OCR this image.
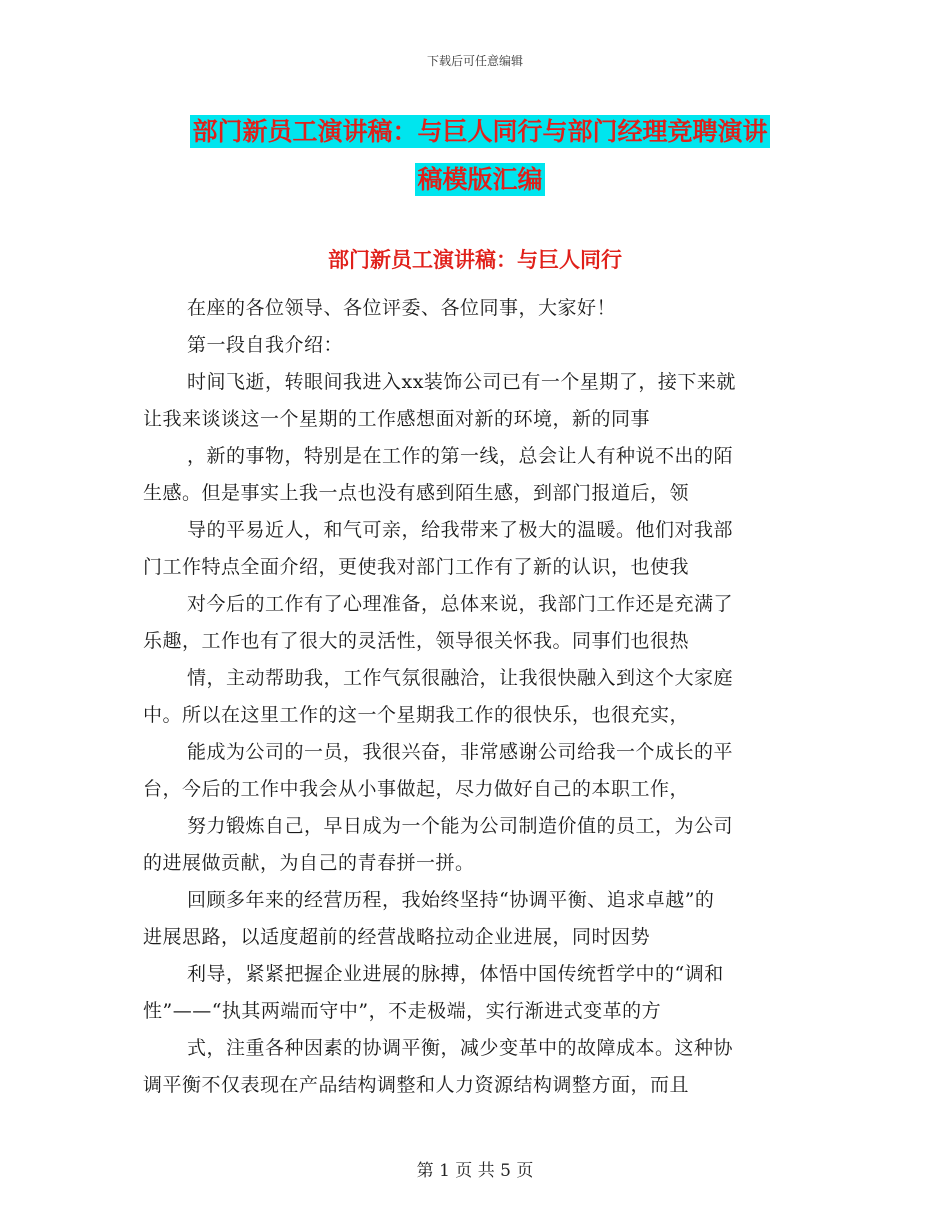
下载后可任意编辑
部门新员工演讲稿：与巨人同行与部门经理竞聘演讲
稿模版汇编
部门新员工演讲稿：与巨人同行
在座的各位领导、各位评委、各位同事，大家好！
第一段自我介绍：
时间飞逝，转眼间我进入xx装饰公司已有一个星期了，接下来就
让我来谈谈这一个星期的工作感想面对新的环境，新的同事
，新的事物，特别是在工作的第一线，总会让人有种说不出的陌
生感。但是事实上我一点也没有感到陌生感，到部门报道后，领
导的平易近人，和气可亲，给我带来了极大的温暖。他们对我部
门工作特点全面介绍，更使我对部门工作有了新的认识，也使我
对今后的工作有了心理准备，总体来说，我部门工作还是充满了
乐趣，工作也有了很大的灵活性，领导很关怀我。同事们也很热
情，主动帮助我，工作气氛很融洽，让我很快融入到这个大家庭
中。所以在这里工作的这一个星期我工作的很快乐，也很充实，
能成为公司的一员，我很兴奋，非常感谢公司给我一个成长的平
台，今后的工作中我会从小事做起，尽力做好自己的本职工作，
努力锻炼自己，早日成为一个能为公司制造价值的员工，为公司
的进展做贡献，为自己的青春拼一拼。
回顾多年来的经营历程，我始终坚持“协调平衡、追求卓越”的
进展思路，以适度超前的经营战略拉动企业进展，同时因势
利导，紧紧把握企业进展的脉搏，体悟中国传统哲学中的“调和
性”——“执其两端而守中”，不走极端，实行渐进式变革的方
式，注重各种因素的协调平衡，减少变革中的故障成本。这种协
调平衡不仅表现在产品结构调整和人力资源结构调整方面，而且
第 1 页 共 5 页
